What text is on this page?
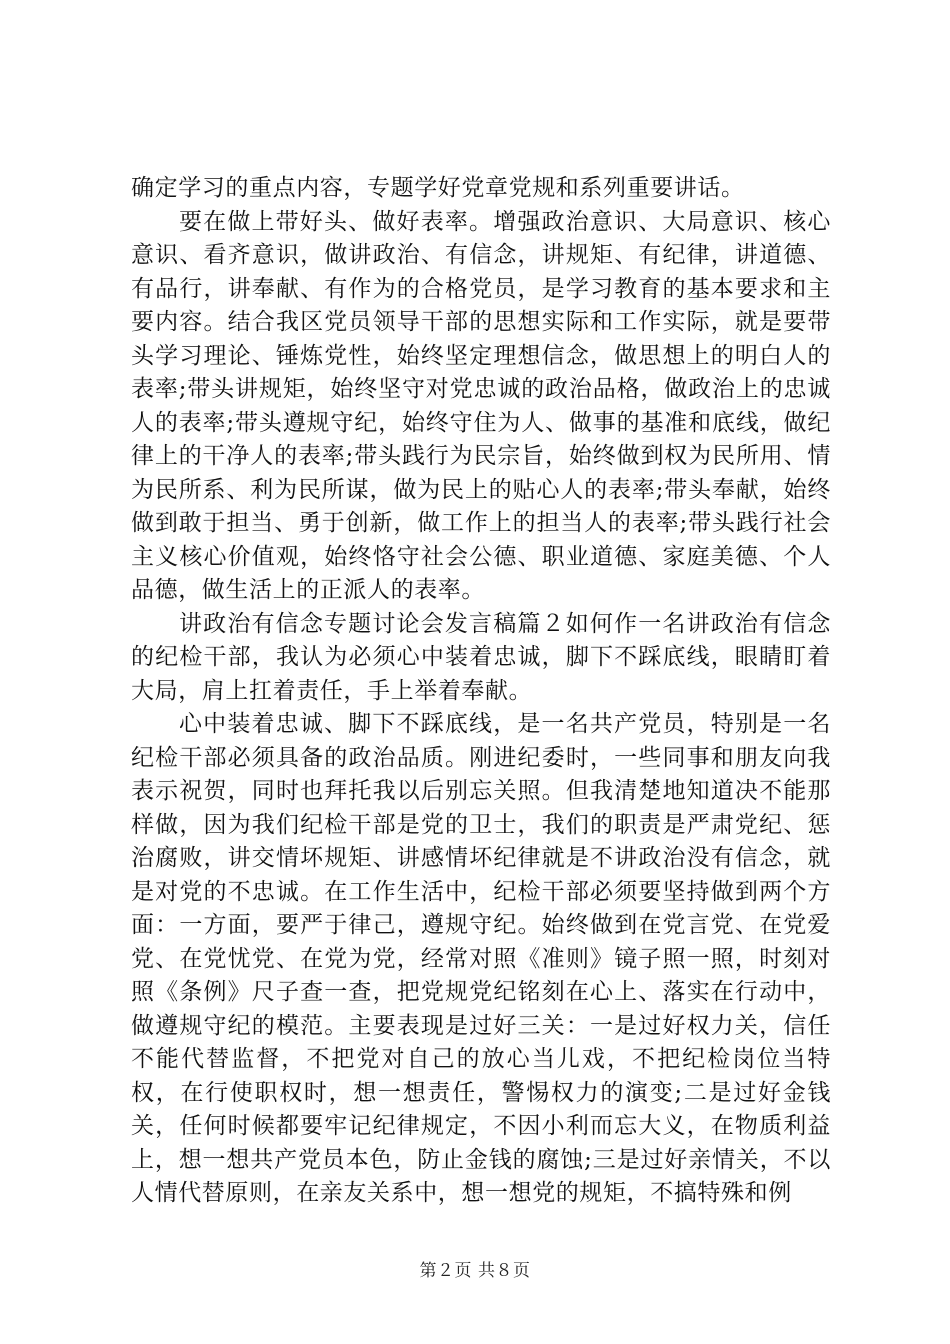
确定学习的重点内容，专题学好党章党规和系列重要讲话。

要在做上带好头、做好表率。增强政治意识、大局意识、核心意识、看齐意识，做讲政治、有信念，讲规矩、有纪律，讲道德、有品行，讲奉献、有作为的合格党员，是学习教育的基本要求和主要内容。结合我区党员领导干部的思想实际和工作实际，就是要带头学习理论、锤炼党性，始终坚定理想信念，做思想上的明白人的表率;带头讲规矩，始终坚守对党忠诚的政治品格，做政治上的忠诚人的表率;带头遵规守纪，始终守住为人、做事的基准和底线，做纪律上的干净人的表率;带头践行为民宗旨，始终做到权为民所用、情为民所系、利为民所谋，做为民上的贴心人的表率;带头奉献，始终做到敢于担当、勇于创新，做工作上的担当人的表率;带头践行社会主义核心价值观，始终恪守社会公德、职业道德、家庭美德、个人品德，做生活上的正派人的表率。

讲政治有信念专题讨论会发言稿篇２如何作一名讲政治有信念的纪检干部，我认为必须心中装着忠诚，脚下不踩底线，眼睛盯着大局，肩上扛着责任，手上举着奉献。

心中装着忠诚、脚下不踩底线，是一名共产党员，特别是一名纪检干部必须具备的政治品质。刚进纪委时，一些同事和朋友向我表示祝贺，同时也拜托我以后别忘关照。但我清楚地知道决不能那样做，因为我们纪检干部是党的卫士，我们的职责是严肃党纪、惩治腐败，讲交情坏规矩、讲感情坏纪律就是不讲政治没有信念，就是对党的不忠诚。在工作生活中，纪检干部必须要坚持做到两个方面：一方面，要严于律己，遵规守纪。始终做到在党言党、在党爱党、在党忧党、在党为党，经常对照《准则》镜子照一照，时刻对照《条例》尺子查一查，把党规党纪铭刻在心上、落实在行动中，做遵规守纪的模范。主要表现是过好三关：一是过好权力关，信任不能代替监督，不把党对自己的放心当儿戏，不把纪检岗位当特权，在行使职权时，想一想责任，警惕权力的演变;二是过好金钱关，任何时候都要牢记纪律规定，不因小利而忘大义，在物质利益上，想一想共产党员本色，防止金钱的腐蚀;三是过好亲情关，不以人情代替原则，在亲友关系中，想一想党的规矩，不搞特殊和例

第２页 共８页
